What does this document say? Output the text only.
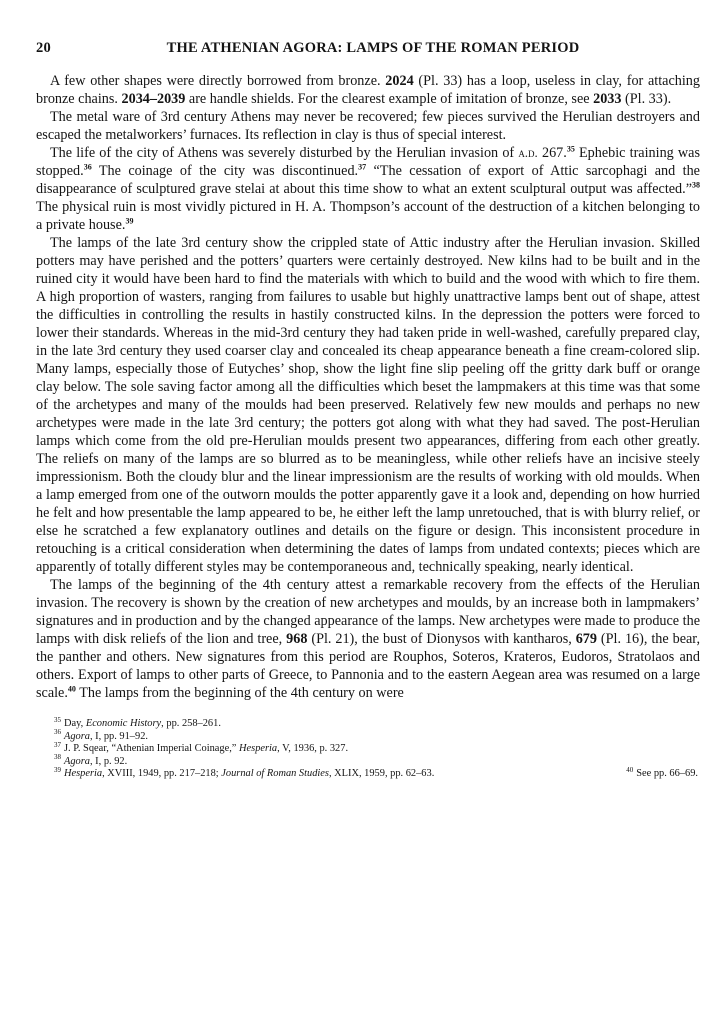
20	THE ATHENIAN AGORA: LAMPS OF THE ROMAN PERIOD

A few other shapes were directly borrowed from bronze. 2024 (Pl. 33) has a loop, useless in clay, for attaching bronze chains. 2034–2039 are handle shields. For the clearest example of imitation of bronze, see 2033 (Pl. 33).

The metal ware of 3rd century Athens may never be recovered; few pieces survived the Herulian destroyers and escaped the metalworkers’ furnaces. Its reflection in clay is thus of special interest.

The life of the city of Athens was severely disturbed by the Herulian invasion of a.d. 267.35 Ephebic training was stopped.$^{36}$ The coinage of the city was discontinued.$^{37}$ “The cessation of export of Attic sarcophagi and the disappearance of sculptured grave stelai at about this time show to what an extent sculptural output was affected.”$^{38}$ The physical ruin is most vividly pictured in H. A. Thompson’s account of the destruction of a kitchen belonging to a private house.$^{39}$

The lamps of the late 3rd century show the crippled state of Attic industry after the Herulian invasion. Skilled potters may have perished and the potters’ quarters were certainly destroyed. New kilns had to be built and in the ruined city it would have been hard to find the materials with which to build and the wood with which to fire them. A high proportion of wasters, ranging from failures to usable but highly unattractive lamps bent out of shape, attest the difficulties in controlling the results in hastily constructed kilns. In the depression the potters were forced to lower their standards. Whereas in the mid-3rd century they had taken pride in well-washed, carefully prepared clay, in the late 3rd century they used coarser clay and concealed its cheap appearance beneath a fine cream-colored slip. Many lamps, especially those of Eutyches’ shop, show the light fine slip peeling off the gritty dark buff or orange clay below. The sole saving factor among all the difficulties which beset the lampmakers at this time was that some of the archetypes and many of the moulds had been preserved. Relatively few new moulds and perhaps no new archetypes were made in the late 3rd century; the potters got along with what they had saved. The post-Herulian lamps which come from the old pre-Herulian moulds present two appearances, differing from each other greatly. The reliefs on many of the lamps are so blurred as to be meaningless, while other reliefs have an incisive steely impressionism. Both the cloudy blur and the linear impressionism are the results of working with old moulds. When a lamp emerged from one of the outworn moulds the potter apparently gave it a look and, depending on how hurried he felt and how presentable the lamp appeared to be, he either left the lamp unretouched, that is with blurry relief, or else he scratched a few explanatory outlines and details on the figure or design. This inconsistent procedure in retouching is a critical consideration when determining the dates of lamps from undated contexts; pieces which are apparently of totally different styles may be contemporaneous and, technically speaking, nearly identical.

The lamps of the beginning of the 4th century attest a remarkable recovery from the effects of the Herulian invasion. The recovery is shown by the creation of new archetypes and moulds, by an increase both in lampmakers’ signatures and in production and by the changed appearance of the lamps. New archetypes were made to produce the lamps with disk reliefs of the lion and tree, 968 (Pl. 21), the bust of Dionysos with kantharos, 679 (Pl. 16), the bear, the panther and others. New signatures from this period are Rouphos, Soteros, Krateros, Eudoros, Stratolaos and others. Export of lamps to other parts of Greece, to Pannonia and to the eastern Aegean area was resumed on a large scale.$^{40}$ The lamps from the beginning of the 4th century on were

$^{35}$ Day, Economic History, pp. 258–261.
$^{36}$ Agora, I, pp. 91–92.
$^{37}$ J. P. Sqear, “Athenian Imperial Coinage,” Hesperia, V, 1936, p. 327.
$^{38}$ Agora, I, p. 92.
$^{39}$ Hesperia, XVIII, 1949, pp. 217–218; Journal of Roman Studies, XLIX, 1959, pp. 62–63.	$^{40}$ See pp. 66–69.
